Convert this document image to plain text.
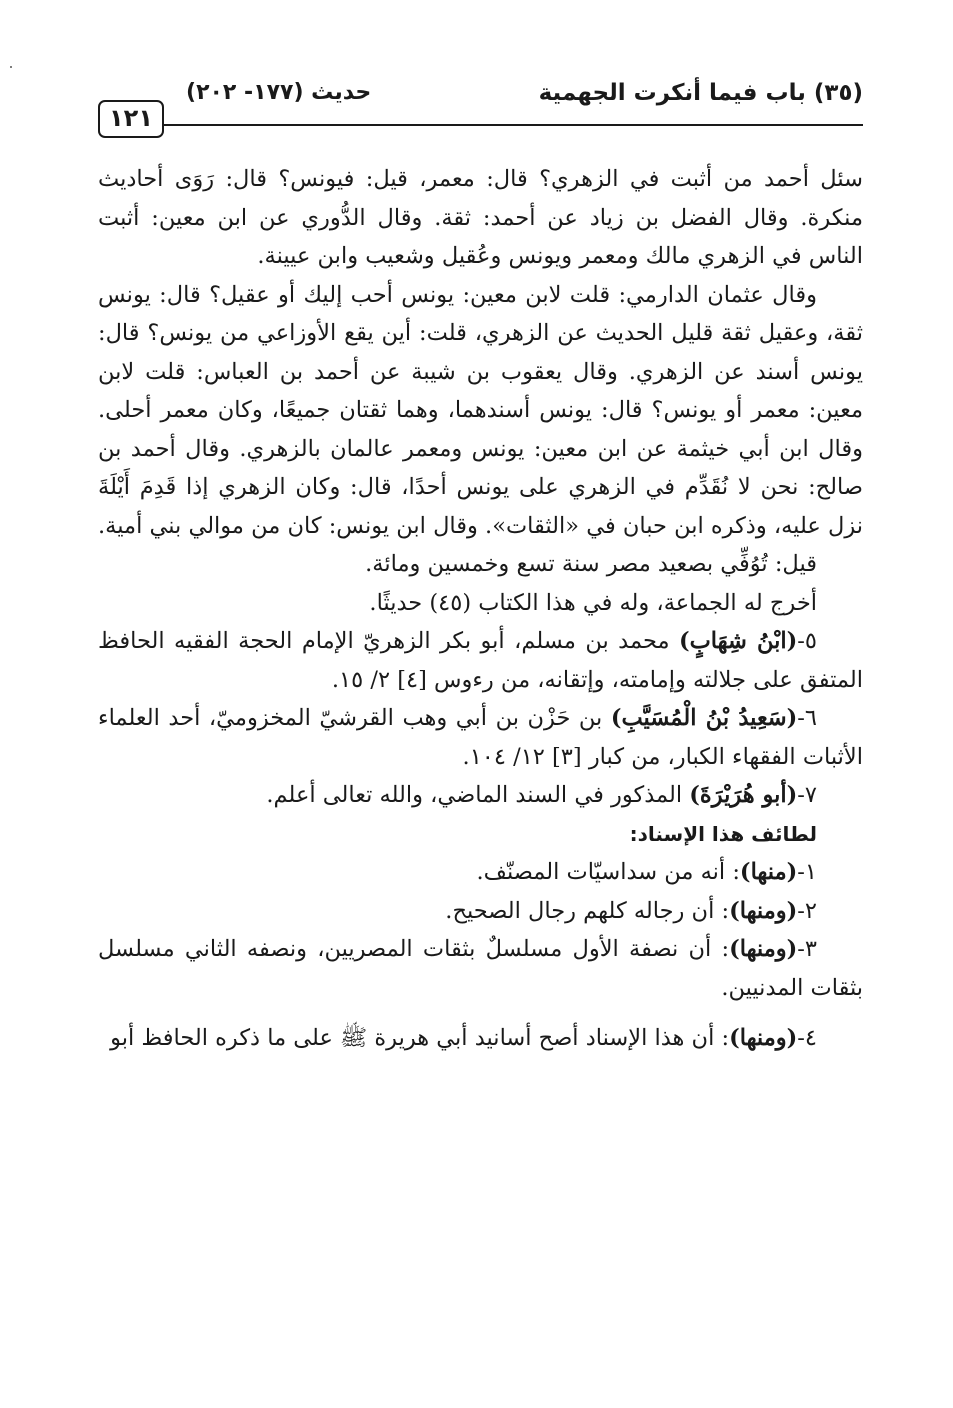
١٢١
حديث (١٧٧- ٢٠٢)	(٣٥) باب فيما أنكرت الجهمية

سئل أحمد من أثبت في الزهري؟ قال: معمر، قيل: فيونس؟ قال: رَوَى أحاديث منكرة. وقال الفضل بن زياد عن أحمد: ثقة. وقال الدُّوري عن ابن معين: أثبت الناس في الزهري مالك ومعمر ويونس وعُقيل وشعيب وابن عيينة.

وقال عثمان الدارمي: قلت لابن معين: يونس أحب إليك أو عقيل؟ قال: يونس ثقة، وعقيل ثقة قليل الحديث عن الزهري، قلت: أين يقع الأوزاعي من يونس؟ قال: يونس أسند عن الزهري. وقال يعقوب بن شيبة عن أحمد بن العباس: قلت لابن معين: معمر أو يونس؟ قال: يونس أسندهما، وهما ثقتان جميعًا، وكان معمر أحلى. وقال ابن أبي خيثمة عن ابن معين: يونس ومعمر عالمان بالزهري. وقال أحمد بن صالح: نحن لا نُقَدِّم في الزهري على يونس أحدًا، قال: وكان الزهري إذا قَدِمَ أَيْلَةَ نزل عليه، وذكره ابن حبان في «الثقات». وقال ابن يونس: كان من موالي بني أمية.

قيل: تُوُفِّي بصعيد مصر سنة تسع وخمسين ومائة.

أخرج له الجماعة، وله في هذا الكتاب (٤٥) حديثًا.

٥-(ابْنُ شِهَابٍ) محمد بن مسلم، أبو بكر الزهريّ الإمام الحجة الفقيه الحافظ المتفق على جلالته وإمامته، وإتقانه، من رءوس [٤] ٢/ ١٥.

٦-(سَعِيدُ بْنُ الْمُسَيَّبِ) بن حَزْن بن أبي وهب القرشيّ المخزوميّ، أحد العلماء الأثبات الفقهاء الكبار، من كبار [٣] ١٢/ ١٠٤.

٧-(أبو هُرَيْرَةَ) المذكور في السند الماضي، والله تعالى أعلم.

لطائف هذا الإسناد:

١-(منها): أنه من سداسيّات المصنّف.

٢-(ومنها): أن رجاله كلهم رجال الصحيح.

٣-(ومنها): أن نصفة الأول مسلسلٌ بثقات المصريين، ونصفه الثاني مسلسل بثقات المدنيين.

٤-(ومنها): أن هذا الإسناد أصح أسانيد أبي هريرة ﷺ على ما ذكره الحافظ أبو
